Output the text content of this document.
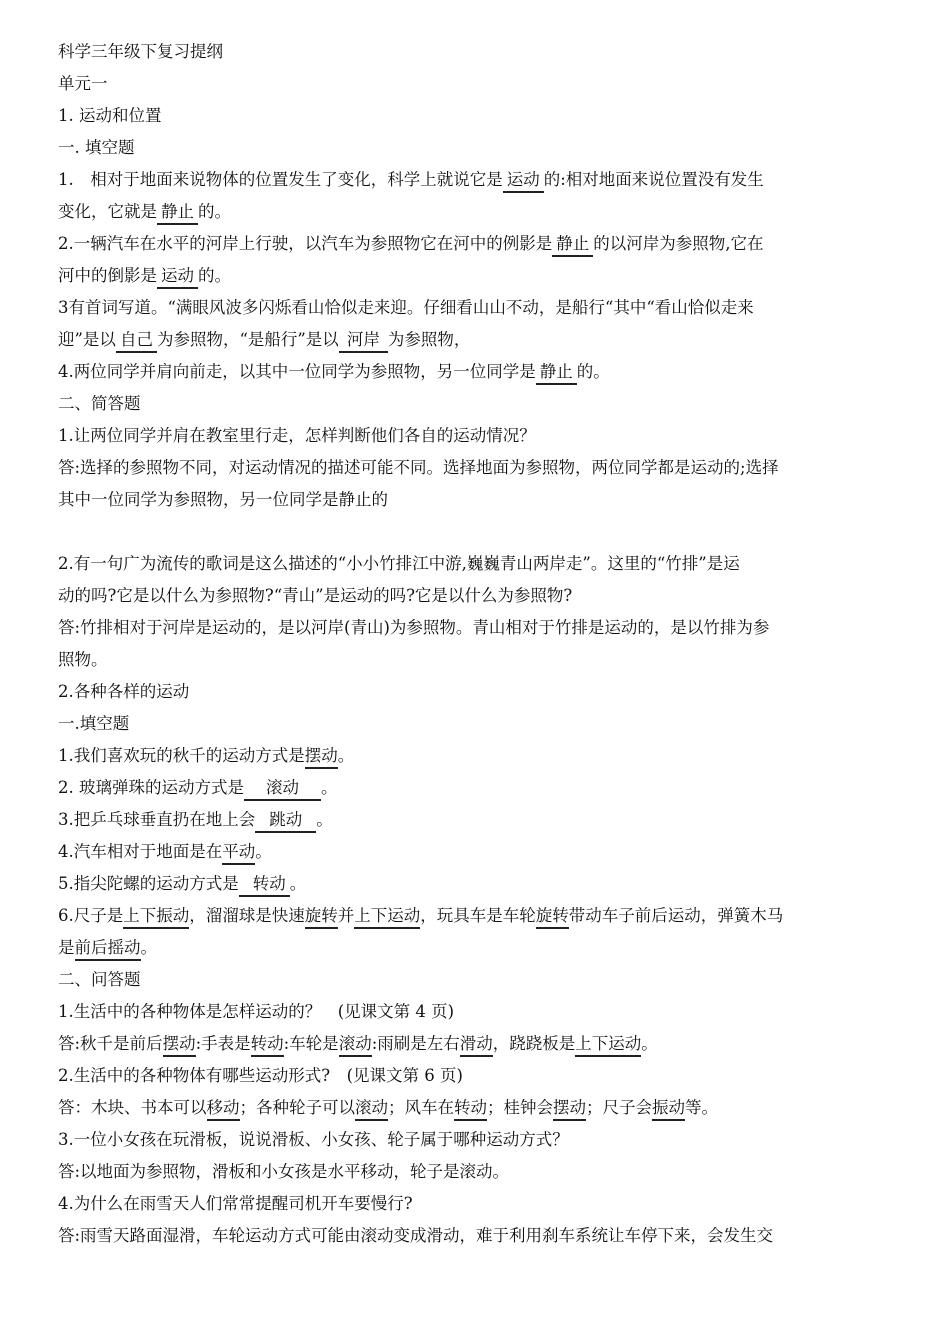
科学三年级下复习提纲
单元一
1. 运动和位置
一. 填空题
1.　相对于地面来说物体的位置发生了变化，科学上就说它是 运动 的:相对地面来说位置没有发生
变化，它就是 静止 的。
2.一辆汽车在水平的河岸上行驶，以汽车为参照物它在河中的例影是 静止 的以河岸为参照物,它在
河中的倒影是 运动 的。
3有首词写道。“满眼风波多闪烁看山恰似走来迎。仔细看山山不动，是船行“其中“看山恰似走来
迎”是以 自己 为参照物，“是船行”是以 河岸 为参照物，
4.两位同学并肩向前走，以其中一位同学为参照物，另一位同学是 静止 的。
二、简答题
1.让两位同学并肩在教室里行走，怎样判断他们各自的运动情况？
答:选择的参照物不同，对运动情况的描述可能不同。选择地面为参照物，两位同学都是运动的;选择
其中一位同学为参照物，另一位同学是静止的
2.有一句广为流传的歌词是这么描述的“小小竹排江中游,巍巍青山两岸走”。这里的“竹排”是运
动的吗?它是以什么为参照物?“青山”是运动的吗?它是以什么为参照物?
答:竹排相对于河岸是运动的，是以河岸(青山)为参照物。青山相对于竹排是运动的，是以竹排为参
照物。
2.各种各样的运动
一.填空题
1.我们喜欢玩的秋千的运动方式是摆动。
2. 玻璃弹珠的运动方式是 滚动 。
3.把乒乓球垂直扔在地上会 跳动 。
4.汽车相对于地面是在平动。
5.指尖陀螺的运动方式是 转动 。
6.尺子是上下振动，溜溜球是快速旋转并上下运动，玩具车是车轮旋转带动车子前后运动，弹簧木马
是前后摇动。
二、问答题
1.生活中的各种物体是怎样运动的？　(见课文第 4 页)
答:秋千是前后摆动:手表是转动:车轮是滚动:雨刷是左右滑动，跷跷板是上下运动。
2.生活中的各种物体有哪些运动形式?　(见课文第 6 页)
答：木块、书本可以移动；各种轮子可以滚动；风车在转动；桂钟会摆动；尺子会振动等。
3.一位小女孩在玩滑板，说说滑板、小女孩、轮子属于哪种运动方式？
答:以地面为参照物，滑板和小女孩是水平移动，轮子是滚动。
4.为什么在雨雪天人们常常提醒司机开车要慢行?
答:雨雪天路面湿滑，车轮运动方式可能由滚动变成滑动，难于利用刹车系统让车停下来，会发生交
